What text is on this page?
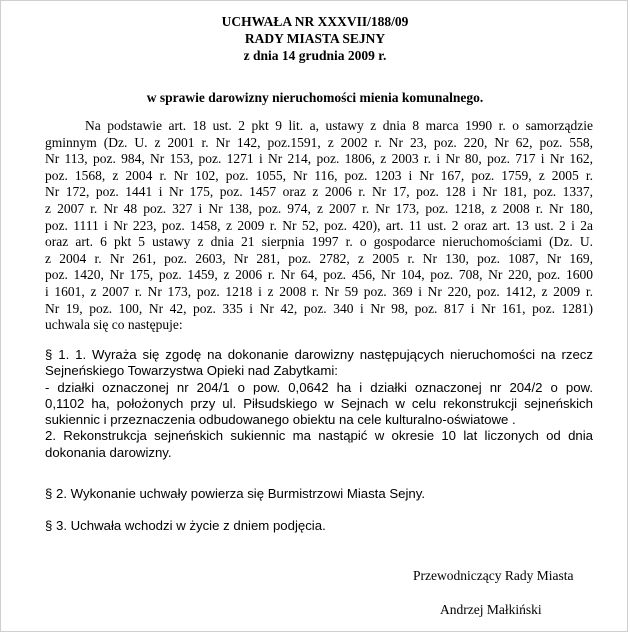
UCHWAŁA NR XXXVII/188/09
RADY MIASTA SEJNY
z dnia 14 grudnia 2009 r.
w sprawie darowizny nieruchomości mienia komunalnego.
Na podstawie art. 18 ust. 2 pkt 9 lit. a, ustawy z dnia 8 marca 1990 r. o samorządzie
gminnym (Dz. U. z 2001 r. Nr 142, poz.1591, z 2002 r. Nr 23, poz. 220, Nr 62, poz. 558,
Nr 113, poz. 984, Nr 153, poz. 1271 i Nr 214, poz. 1806, z 2003 r. i Nr 80, poz. 717 i Nr 162,
poz. 1568, z 2004 r. Nr 102, poz. 1055, Nr 116, poz. 1203 i Nr 167, poz. 1759, z 2005 r.
Nr 172, poz. 1441 i Nr 175, poz. 1457 oraz z 2006 r. Nr 17, poz. 128 i Nr 181, poz. 1337,
z 2007 r. Nr 48 poz. 327 i Nr 138, poz. 974, z 2007 r. Nr 173, poz. 1218, z 2008 r. Nr 180,
poz. 1111 i Nr 223, poz. 1458, z 2009 r. Nr 52, poz. 420), art. 11 ust. 2 oraz art. 13 ust. 2 i 2a
oraz art. 6 pkt 5 ustawy z dnia 21 sierpnia 1997 r. o gospodarce nieruchomościami (Dz. U.
z 2004 r. Nr 261, poz. 2603, Nr 281, poz. 2782, z 2005 r. Nr 130, poz. 1087, Nr 169,
poz. 1420, Nr 175, poz. 1459, z 2006 r. Nr 64, poz. 456, Nr 104, poz. 708, Nr 220, poz. 1600
i 1601, z 2007 r. Nr 173, poz. 1218 i z 2008 r. Nr 59 poz. 369 i Nr 220, poz. 1412, z 2009 r.
Nr 19, poz. 100, Nr 42, poz. 335 i Nr 42, poz. 340 i Nr 98, poz. 817 i Nr 161, poz. 1281)
uchwala się co następuje:
§ 1. 1. Wyraża się zgodę na dokonanie darowizny następujących nieruchomości na rzecz
Sejneńskiego Towarzystwa Opieki nad Zabytkami:
- działki oznaczonej nr 204/1 o pow. 0,0642 ha i działki oznaczonej nr 204/2 o pow.
0,1102 ha, położonych przy ul. Piłsudskiego w Sejnach w celu rekonstrukcji sejneńskich
sukiennic i przeznaczenia odbudowanego obiektu na cele kulturalno-oświatowe .
2. Rekonstrukcja sejneńskich sukiennic ma nastąpić w okresie 10 lat liczonych od dnia
dokonania darowizny.
§ 2. Wykonanie uchwały powierza się Burmistrzowi Miasta Sejny.
§ 3. Uchwała wchodzi w życie z dniem podjęcia.
Przewodniczący Rady Miasta
Andrzej Małkiński
